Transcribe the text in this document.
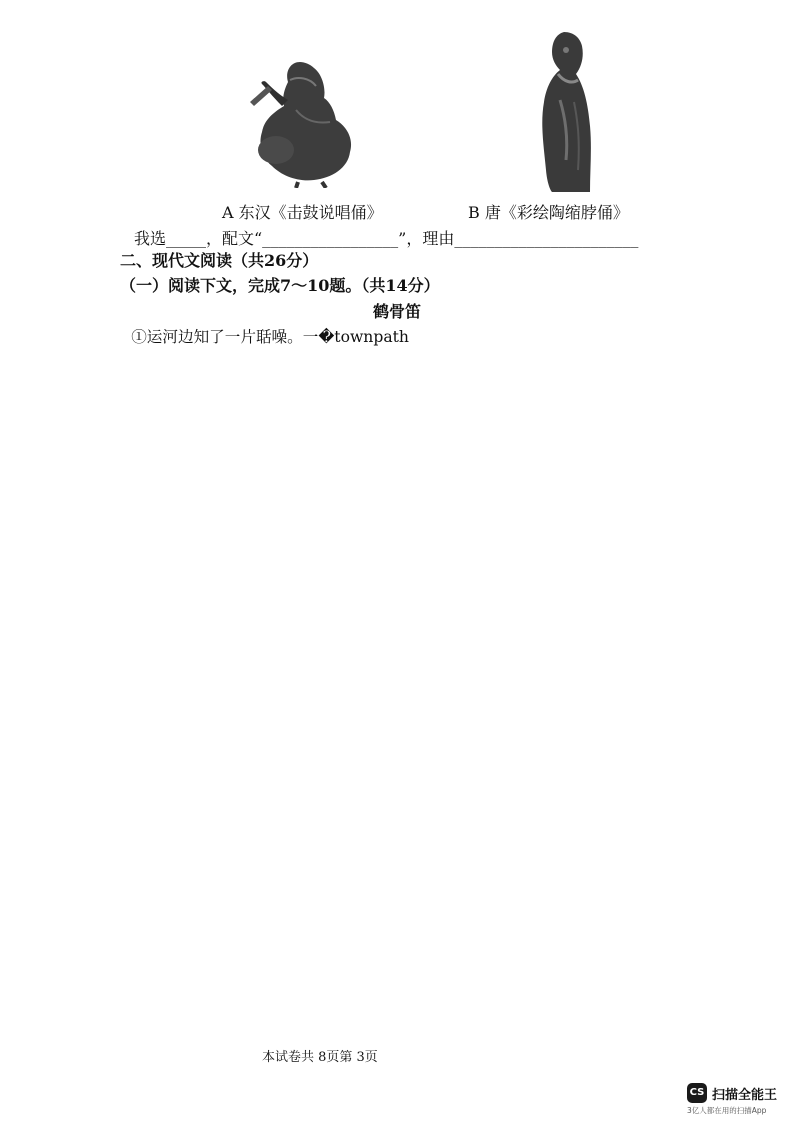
A 东汉《击鼓说唱俑》	B 唐《彩绘陶缩脖俑》
我选_____，配文“_________________”，理由_______________________
二、现代文阅读（共26分）
（一）阅读下文，完成7～10题。（共14分）
鹤骨笛

①运河边知了一片聒噪。一�townpath

本试卷共 8页第 3页
CS 扫描全能王
3亿人都在用的扫描App
